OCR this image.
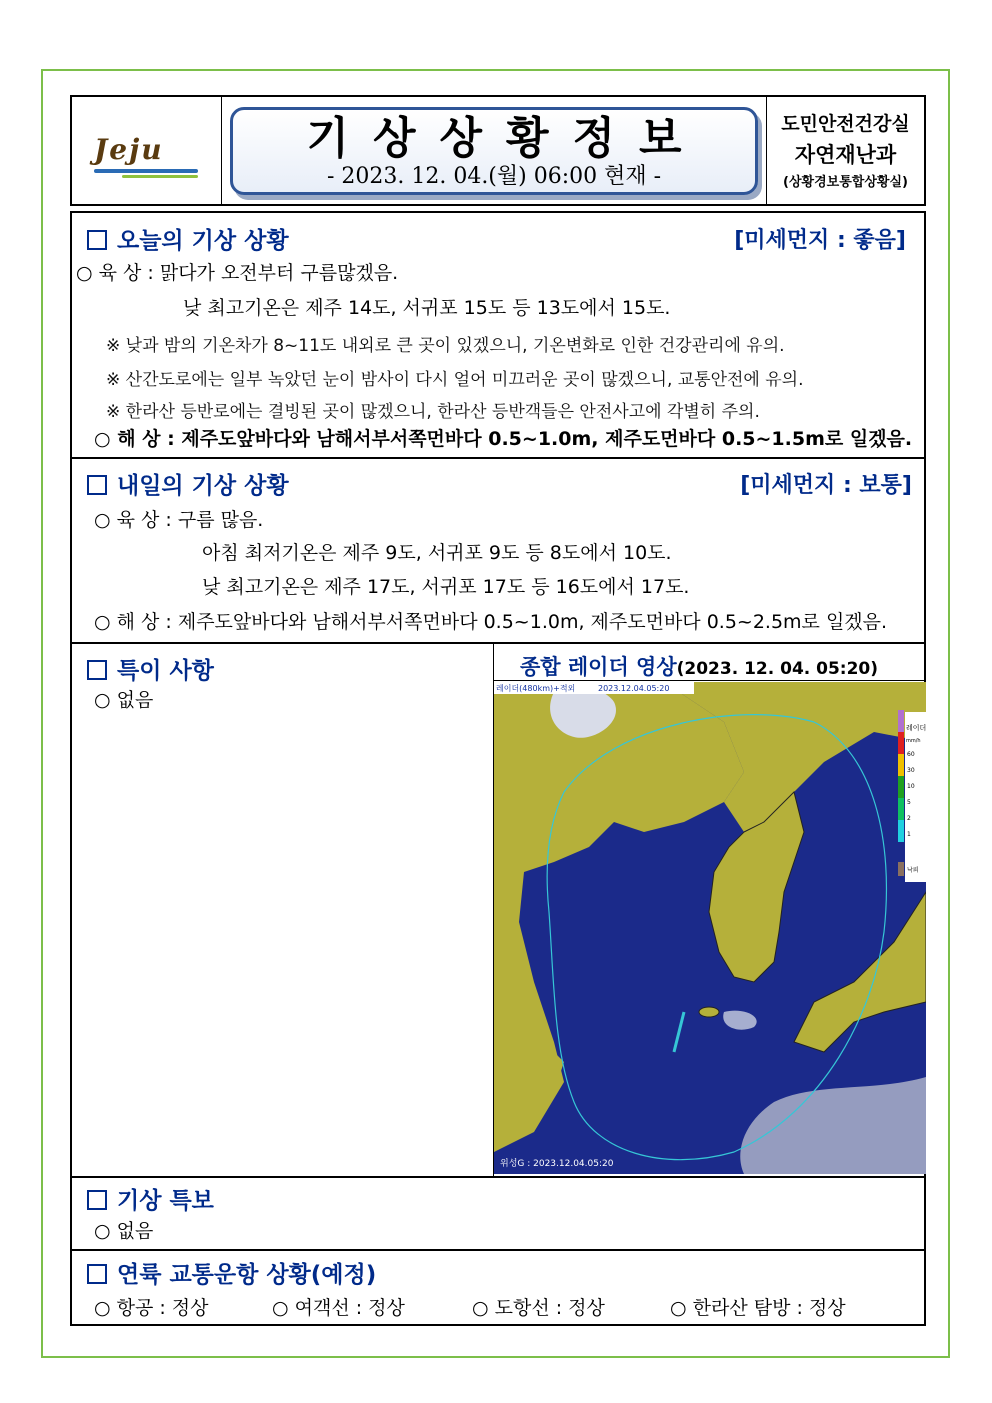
Jeju	기상상황정보
- 2023. 12. 04.(월) 06:00 현재 -
도민안전건강실
자연재난과
(상황경보통합상황실)
오늘의 기상 상황	[미세먼지 : 좋음]
○ 육 상 : 맑다가 오전부터 구름많겠음.
낮 최고기온은 제주 14도, 서귀포 15도 등 13도에서 15도.
※ 낮과 밤의 기온차가 8~11도 내외로 큰 곳이 있겠으니, 기온변화로 인한 건강관리에 유의.
※ 산간도로에는 일부 녹았던 눈이 밤사이 다시 얼어 미끄러운 곳이 많겠으니, 교통안전에 유의.
※ 한라산 등반로에는 결빙된 곳이 많겠으니, 한라산 등반객들은 안전사고에 각별히 주의.
○ 해 상 : 제주도앞바다와 남해서부서쪽먼바다 0.5~1.0m, 제주도먼바다 0.5~1.5m로 일겠음.
내일의 기상 상황	[미세먼지 : 보통]
○ 육 상 : 구름 많음.
아침 최저기온은 제주 9도, 서귀포 9도 등 8도에서 10도.
낮 최고기온은 제주 17도, 서귀포 17도 등 16도에서 17도.
○ 해 상 : 제주도앞바다와 남해서부서쪽먼바다 0.5~1.0m, 제주도먼바다 0.5~2.5m로 일겠음.
특이 사항
○ 없음
종합 레이더 영상(2023. 12. 04. 05:20)
레이더
mm/h
60
30
10
5
2
1
낙뢰
레이더(480km)+적외	2023.12.04.05:20
위성G : 2023.12.04.05:20
기상 특보
○ 없음
연륙 교통운항 상황(예정)
○ 항공 : 정상	○ 여객선 : 정상	○ 도항선 : 정상	○ 한라산 탐방 : 정상
